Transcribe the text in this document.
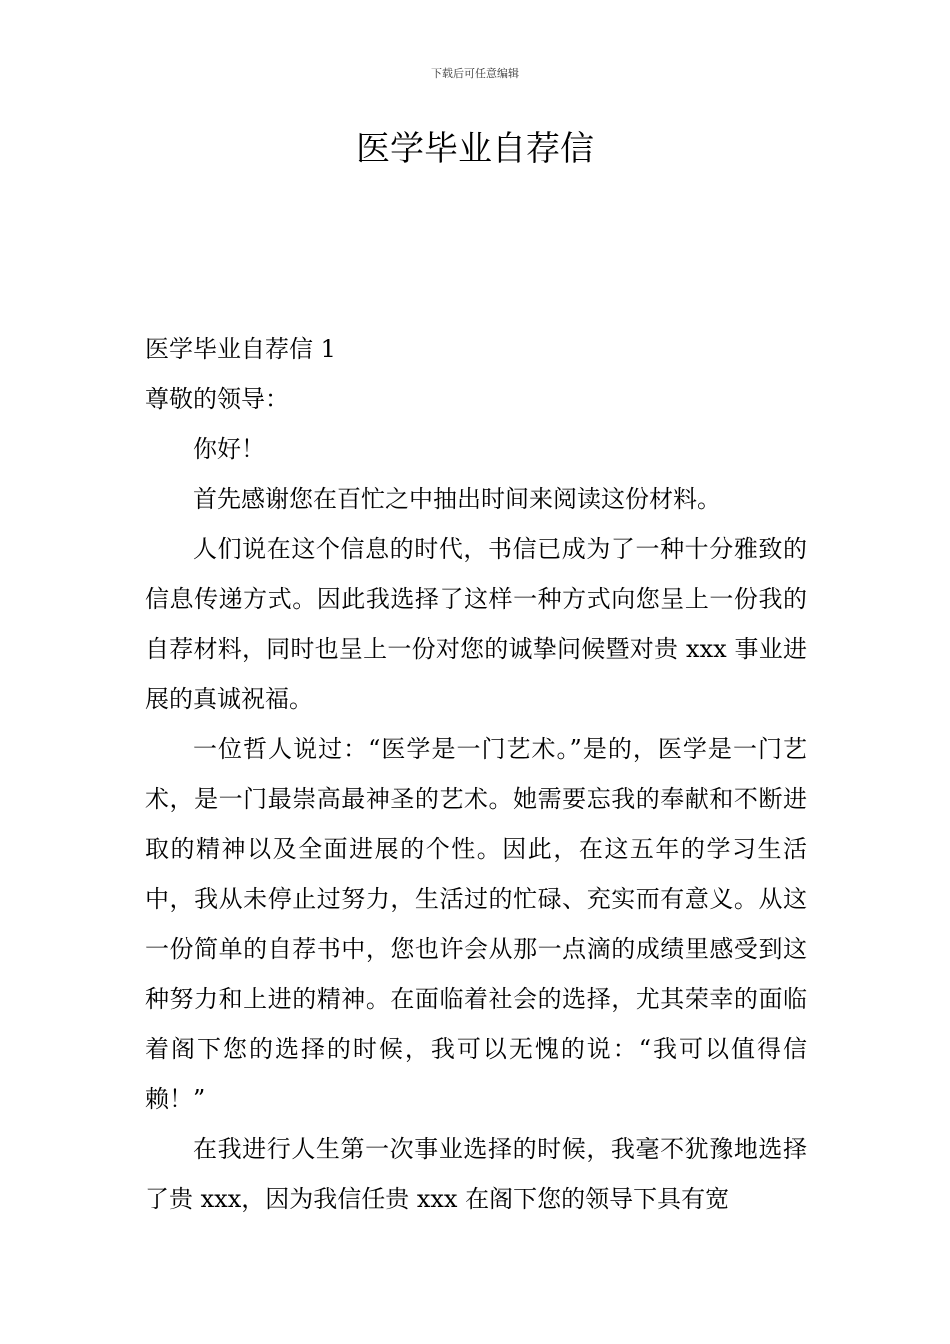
下载后可任意编辑
医学毕业自荐信

医学毕业自荐信 1

尊敬的领导：

你好！

首先感谢您在百忙之中抽出时间来阅读这份材料。

人们说在这个信息的时代，书信已成为了一种十分雅致的信息传递方式。因此我选择了这样一种方式向您呈上一份我的自荐材料，同时也呈上一份对您的诚挚问候暨对贵 xxx 事业进展的真诚祝福。

一位哲人说过：“医学是一门艺术。”是的，医学是一门艺术，是一门最崇高最神圣的艺术。她需要忘我的奉献和不断进取的精神以及全面进展的个性。因此，在这五年的学习生活中，我从未停止过努力，生活过的忙碌、充实而有意义。从这一份简单的自荐书中，您也许会从那一点滴的成绩里感受到这种努力和上进的精神。在面临着社会的选择，尤其荣幸的面临着阁下您的选择的时候，我可以无愧的说：“我可以值得信赖！”

在我进行人生第一次事业选择的时候，我毫不犹豫地选择了贵 xxx，因为我信任贵 xxx 在阁下您的领导下具有宽
